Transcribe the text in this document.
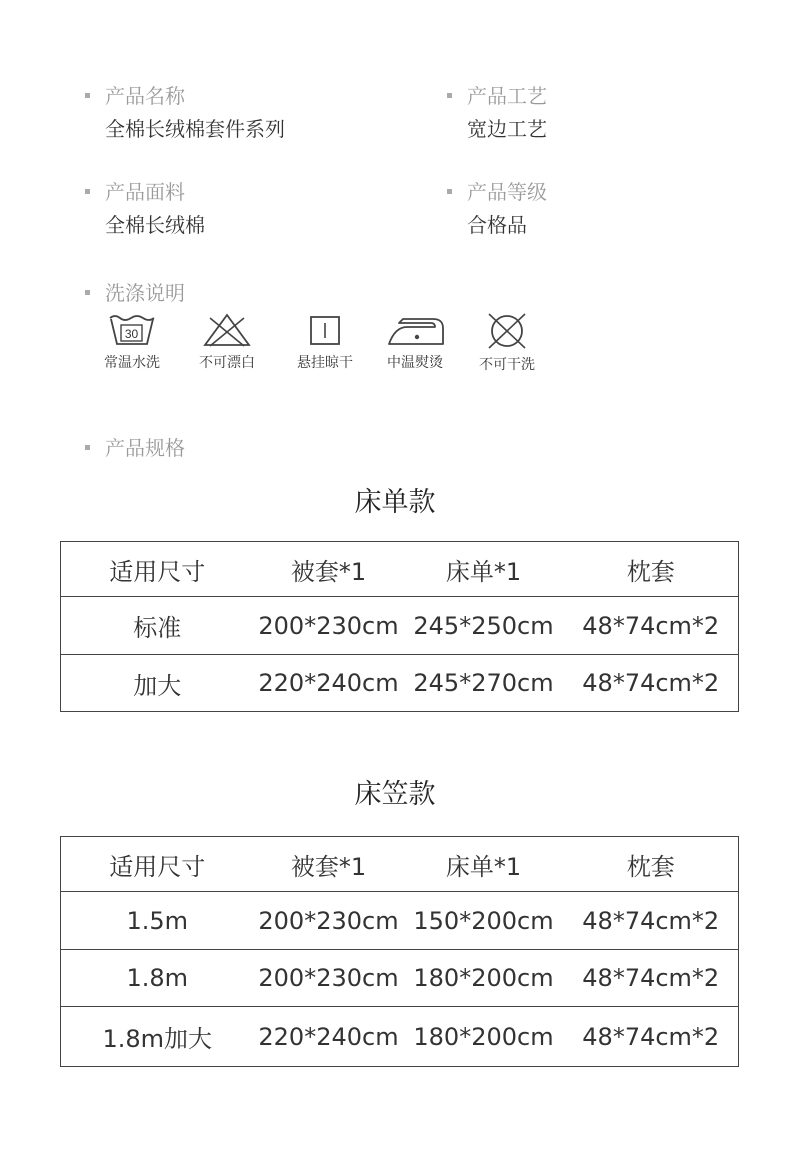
产品名称
全棉长绒棉套件系列
产品工艺
宽边工艺
产品面料
全棉长绒棉
产品等级
合格品
洗涤说明
30
常温水洗	不可漂白	悬挂晾干	中温熨烫	不可干洗
产品规格
床单款
适用尺寸	被套*1	床单*1	枕套
标准	200*230cm	245*250cm	48*74cm*2
加大	220*240cm	245*270cm	48*74cm*2
床笠款
适用尺寸	被套*1	床单*1	枕套
1.5m	200*230cm	150*200cm	48*74cm*2
1.8m	200*230cm	180*200cm	48*74cm*2
1.8m加大	220*240cm	180*200cm	48*74cm*2
